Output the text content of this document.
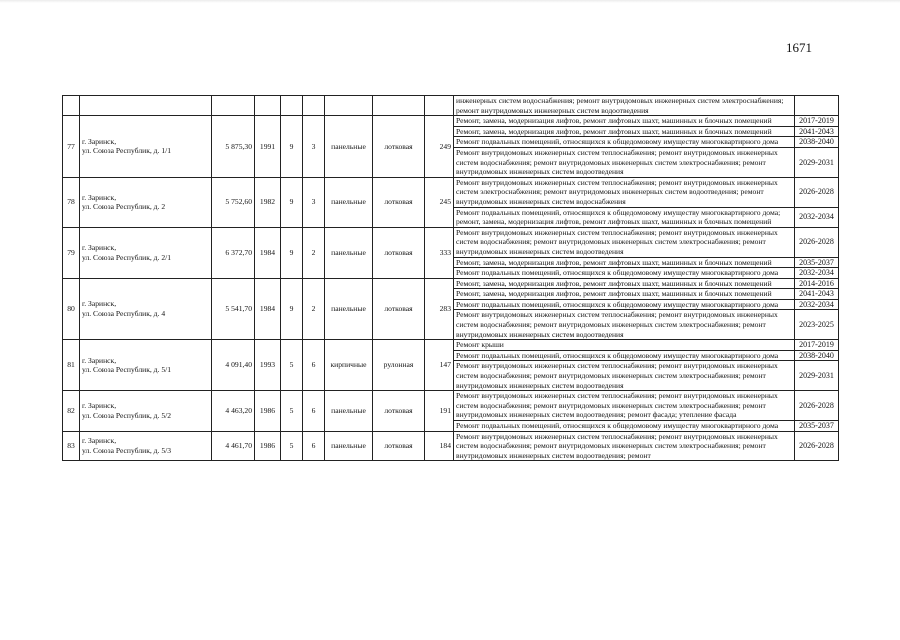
1671

								инженерных систем водоснабжения; ремонт внутридомовых инженерных систем электроснабжения; ремонт внутридомовых инженерных систем водоотведения	
77	г. Заринск,
ул. Союза Республик, д. 1/1	5 875,30	1991	9	3	панельные	лотковая	249	Ремонт, замена, модернизация лифтов, ремонт лифтовых шахт, машинных и блочных помещений	2017-2019
									Ремонт, замена, модернизация лифтов, ремонт лифтовых шахт, машинных и блочных помещений	2041-2043
									Ремонт подвальных помещений, относящихся к общедомовому имуществу многоквартирного дома	2038-2040
									Ремонт внутридомовых инженерных систем теплоснабжения; ремонт внутридомовых инженерных систем водоснабжения; ремонт внутридомовых инженерных систем электроснабжения; ремонт внутридомовых инженерных систем водоотведения	2029-2031
78	г. Заринск,
ул. Союза Республик, д. 2	5 752,60	1982	9	3	панельные	лотковая	245	Ремонт внутридомовых инженерных систем теплоснабжения; ремонт внутридомовых инженерных систем электроснабжения; ремонт внутридомовых инженерных систем водоотведения; ремонт внутридомовых инженерных систем водоснабжения	2026-2028
									Ремонт подвальных помещений, относящихся к общедомовому имуществу многоквартирного дома; ремонт, замена, модернизация лифтов, ремонт лифтовых шахт, машинных и блочных помещений	2032-2034
79	г. Заринск,
ул. Союза Республик, д. 2/1	6 372,70	1984	9	2	панельные	лотковая	333	Ремонт внутридомовых инженерных систем теплоснабжения; ремонт внутридомовых инженерных систем водоснабжения; ремонт внутридомовых инженерных систем электроснабжения; ремонт внутридомовых инженерных систем водоотведения	2026-2028
									Ремонт, замена, модернизация лифтов, ремонт лифтовых шахт, машинных и блочных помещений	2035-2037
									Ремонт подвальных помещений, относящихся к общедомовому имуществу многоквартирного дома	2032-2034
80	г. Заринск,
ул. Союза Республик, д. 4	5 541,70	1984	9	2	панельные	лотковая	283	Ремонт, замена, модернизация лифтов, ремонт лифтовых шахт, машинных и блочных помещений	2014-2016
									Ремонт, замена, модернизация лифтов, ремонт лифтовых шахт, машинных и блочных помещений	2041-2043
									Ремонт подвальных помещений, относящихся к общедомовому имуществу многоквартирного дома	2032-2034
									Ремонт внутридомовых инженерных систем теплоснабжения; ремонт внутридомовых инженерных систем водоснабжения; ремонт внутридомовых инженерных систем электроснабжения; ремонт внутридомовых инженерных систем водоотведения	2023-2025
81	г. Заринск,
ул. Союза Республик, д. 5/1	4 091,40	1993	5	6	кирпичные	рулонная	147	Ремонт крыши	2017-2019
									Ремонт подвальных помещений, относящихся к общедомовому имуществу многоквартирного дома	2038-2040
									Ремонт внутридомовых инженерных систем теплоснабжения; ремонт внутридомовых инженерных систем водоснабжения; ремонт внутридомовых инженерных систем электроснабжения; ремонт внутридомовых инженерных систем водоотведения	2029-2031
82	г. Заринск,
ул. Союза Республик, д. 5/2	4 463,20	1986	5	6	панельные	лотковая	191	Ремонт внутридомовых инженерных систем теплоснабжения; ремонт внутридомовых инженерных систем водоснабжения; ремонт внутридомовых инженерных систем электроснабжения; ремонт внутридомовых инженерных систем водоотведения; ремонт фасада; утепление фасада	2026-2028
									Ремонт подвальных помещений, относящихся к общедомовому имуществу многоквартирного дома	2035-2037
83	г. Заринск,
ул. Союза Республик, д. 5/3	4 461,70	1986	5	6	панельные	лотковая	184	Ремонт внутридомовых инженерных систем теплоснабжения; ремонт внутридомовых инженерных систем водоснабжения; ремонт внутридомовых инженерных систем электроснабжения; ремонт внутридомовых инженерных систем водоотведения; ремонт	2026-2028
